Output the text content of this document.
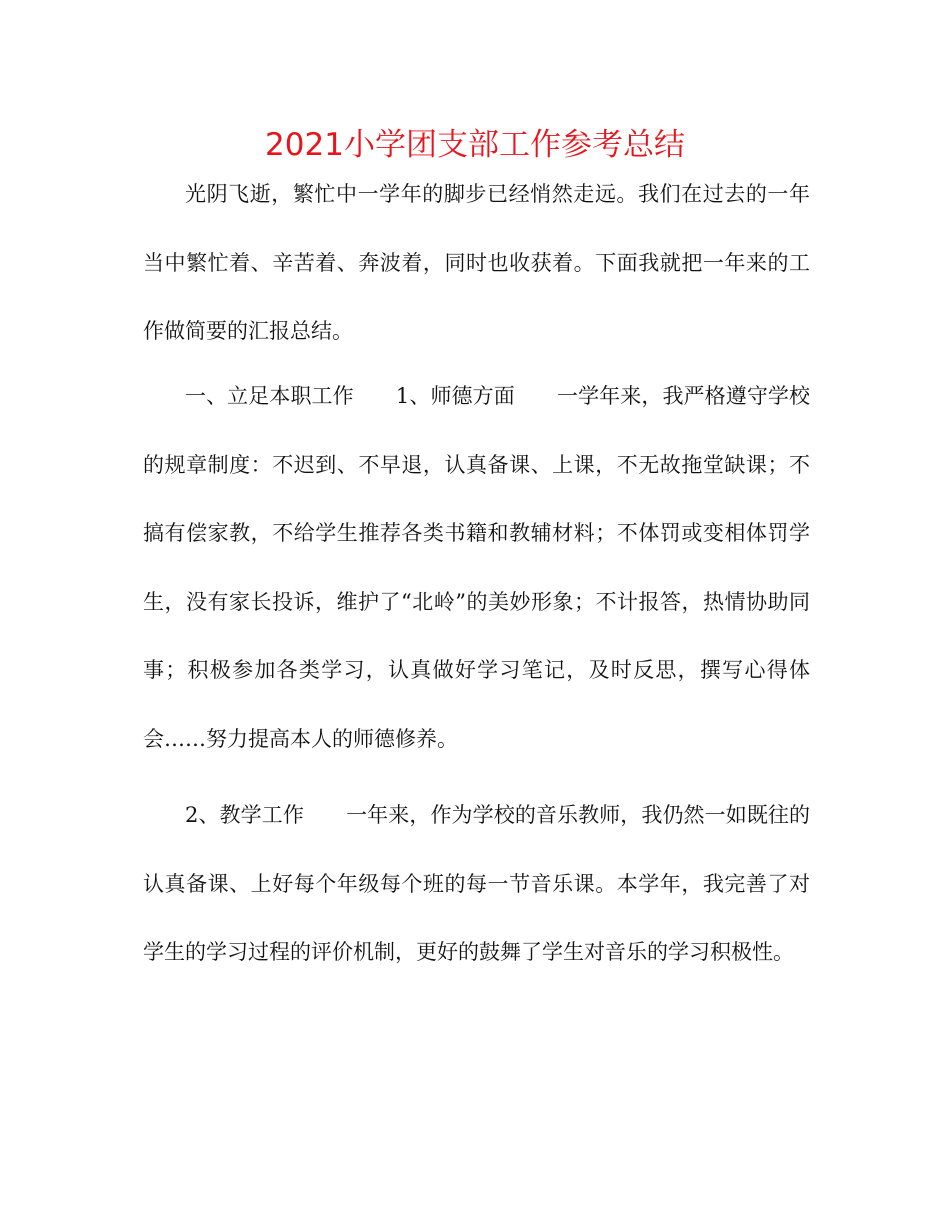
2021小学团支部工作参考总结

光阴飞逝，繁忙中一学年的脚步已经悄然走远。我们在过去的一年当中繁忙着、辛苦着、奔波着，同时也收获着。下面我就把一年来的工作做简要的汇报总结。

一、立足本职工作　　1、师德方面　　一学年来，我严格遵守学校的规章制度：不迟到、不早退，认真备课、上课，不无故拖堂缺课；不搞有偿家教，不给学生推荐各类书籍和教辅材料；不体罚或变相体罚学生，没有家长投诉，维护了“北岭”的美妙形象；不计报答，热情协助同事；积极参加各类学习，认真做好学习笔记，及时反思，撰写心得体会……努力提高本人的师德修养。

2、教学工作　　一年来，作为学校的音乐教师，我仍然一如既往的认真备课、上好每个年级每个班的每一节音乐课。本学年，我完善了对学生的学习过程的评价机制，更好的鼓舞了学生对音乐的学习积极性。
